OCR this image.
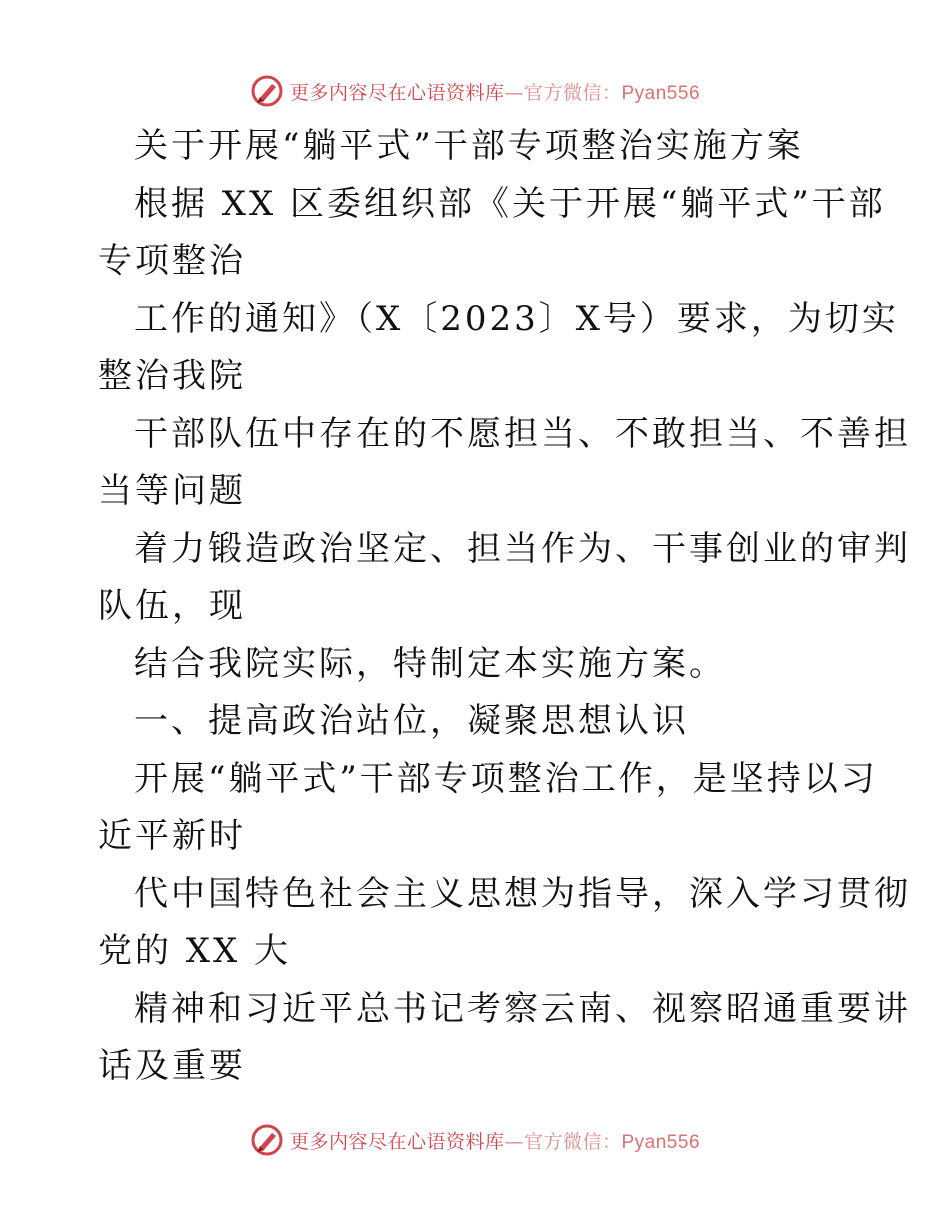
更多内容尽在心语资料库—官方微信：Pyan556
关于开展“躺平式”干部专项整治实施方案
根据 XX 区委组织部《关于开展“躺平式”干部
专项整治
工作的通知》（X〔2023〕X号）要求，为切实
整治我院
干部队伍中存在的不愿担当、不敢担当、不善担
当等问题
着力锻造政治坚定、担当作为、干事创业的审判
队伍，现
结合我院实际，特制定本实施方案。
一、提高政治站位，凝聚思想认识
开展“躺平式”干部专项整治工作，是坚持以习
近平新时
代中国特色社会主义思想为指导，深入学习贯彻
党的 XX 大
精神和习近平总书记考察云南、视察昭通重要讲
话及重要
更多内容尽在心语资料库—官方微信：Pyan556
